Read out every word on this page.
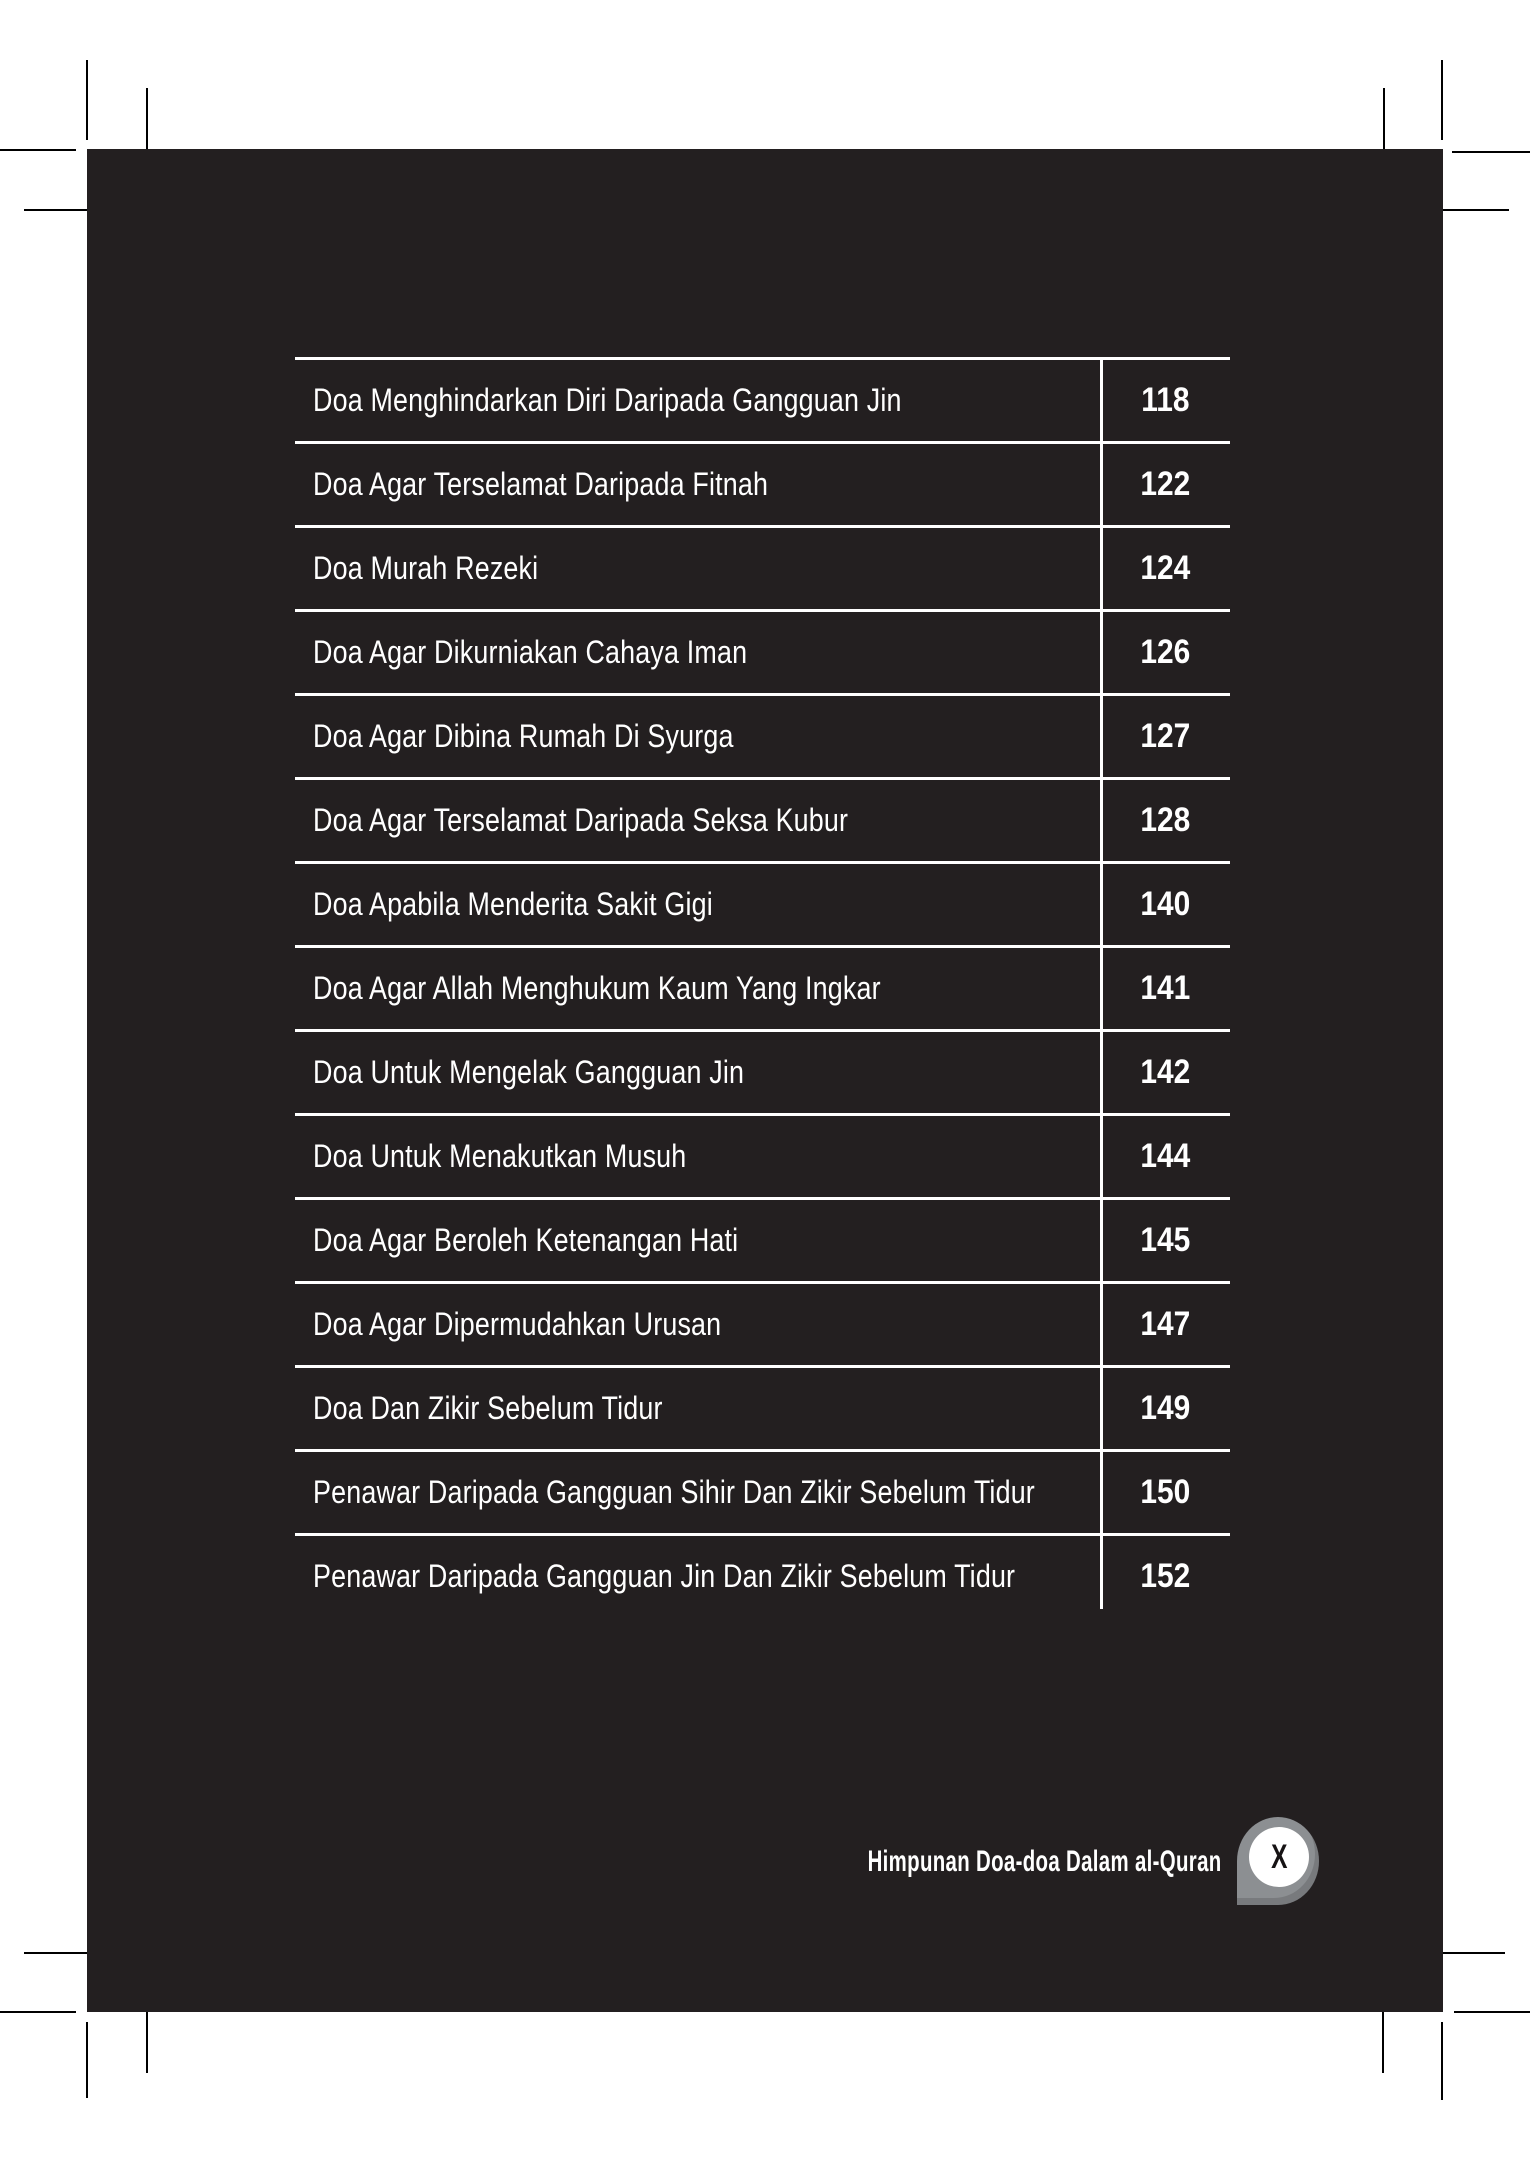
Doa Menghindarkan Diri Daripada Gangguan Jin	118
Doa Agar Terselamat Daripada Fitnah	122
Doa Murah Rezeki	124
Doa Agar Dikurniakan Cahaya Iman	126
Doa Agar Dibina Rumah Di Syurga	127
Doa Agar Terselamat Daripada Seksa Kubur	128
Doa Apabila Menderita Sakit Gigi	140
Doa Agar Allah Menghukum Kaum Yang Ingkar	141
Doa Untuk Mengelak Gangguan Jin	142
Doa Untuk Menakutkan Musuh	144
Doa Agar Beroleh Ketenangan Hati	145
Doa Agar Dipermudahkan Urusan	147
Doa Dan Zikir Sebelum Tidur	149
Penawar Daripada Gangguan Sihir Dan Zikir Sebelum Tidur	150
Penawar Daripada Gangguan Jin Dan Zikir Sebelum Tidur	152
Himpunan Doa-doa Dalam al-Quran	X
